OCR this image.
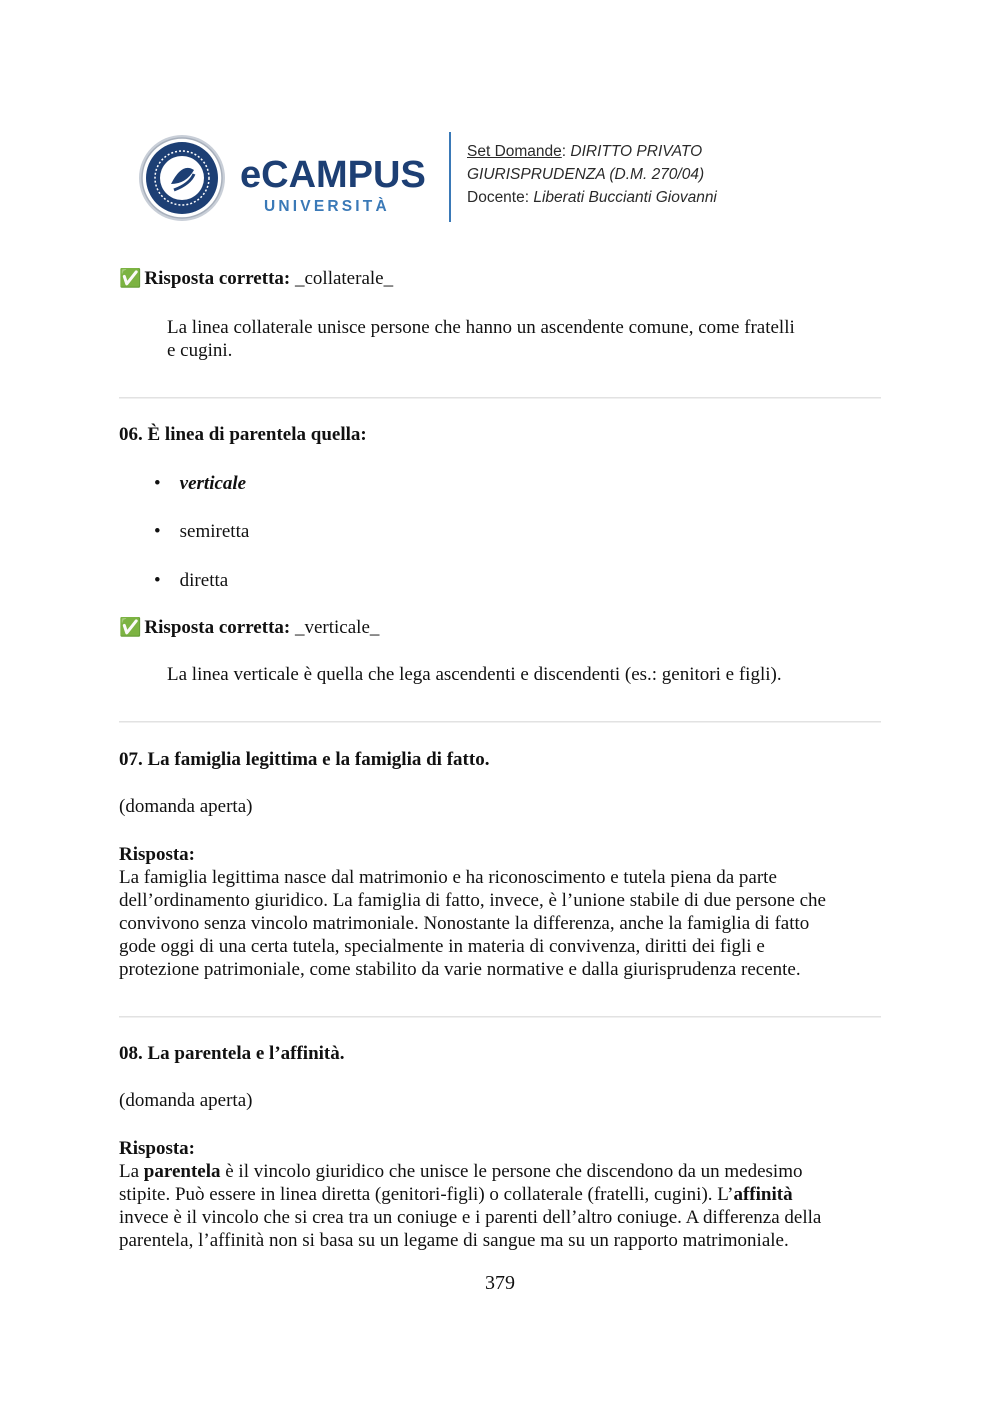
eCAMPUS
UNIVERSITÀ
Set Domande: DIRITTO PRIVATO
GIURISPRUDENZA (D.M. 270/04)
Docente: Liberati Buccianti Giovanni
✅ Risposta corretta: _collaterale_
La linea collaterale unisce persone che hanno un ascendente comune, come fratelli
e cugini.
06. È linea di parentela quella:
•    verticale
•    semiretta
•    diretta
✅ Risposta corretta: _verticale_
La linea verticale è quella che lega ascendenti e discendenti (es.: genitori e figli).
07. La famiglia legittima e la famiglia di fatto.
(domanda aperta)
Risposta:
La famiglia legittima nasce dal matrimonio e ha riconoscimento e tutela piena da parte
dell’ordinamento giuridico. La famiglia di fatto, invece, è l’unione stabile di due persone che
convivono senza vincolo matrimoniale. Nonostante la differenza, anche la famiglia di fatto
gode oggi di una certa tutela, specialmente in materia di convivenza, diritti dei figli e
protezione patrimoniale, come stabilito da varie normative e dalla giurisprudenza recente.
08. La parentela e l’affinità.
(domanda aperta)
Risposta:
La parentela è il vincolo giuridico che unisce le persone che discendono da un medesimo
stipite. Può essere in linea diretta (genitori-figli) o collaterale (fratelli, cugini). L’affinità
invece è il vincolo che si crea tra un coniuge e i parenti dell’altro coniuge. A differenza della
parentela, l’affinità non si basa su un legame di sangue ma su un rapporto matrimoniale.
379
